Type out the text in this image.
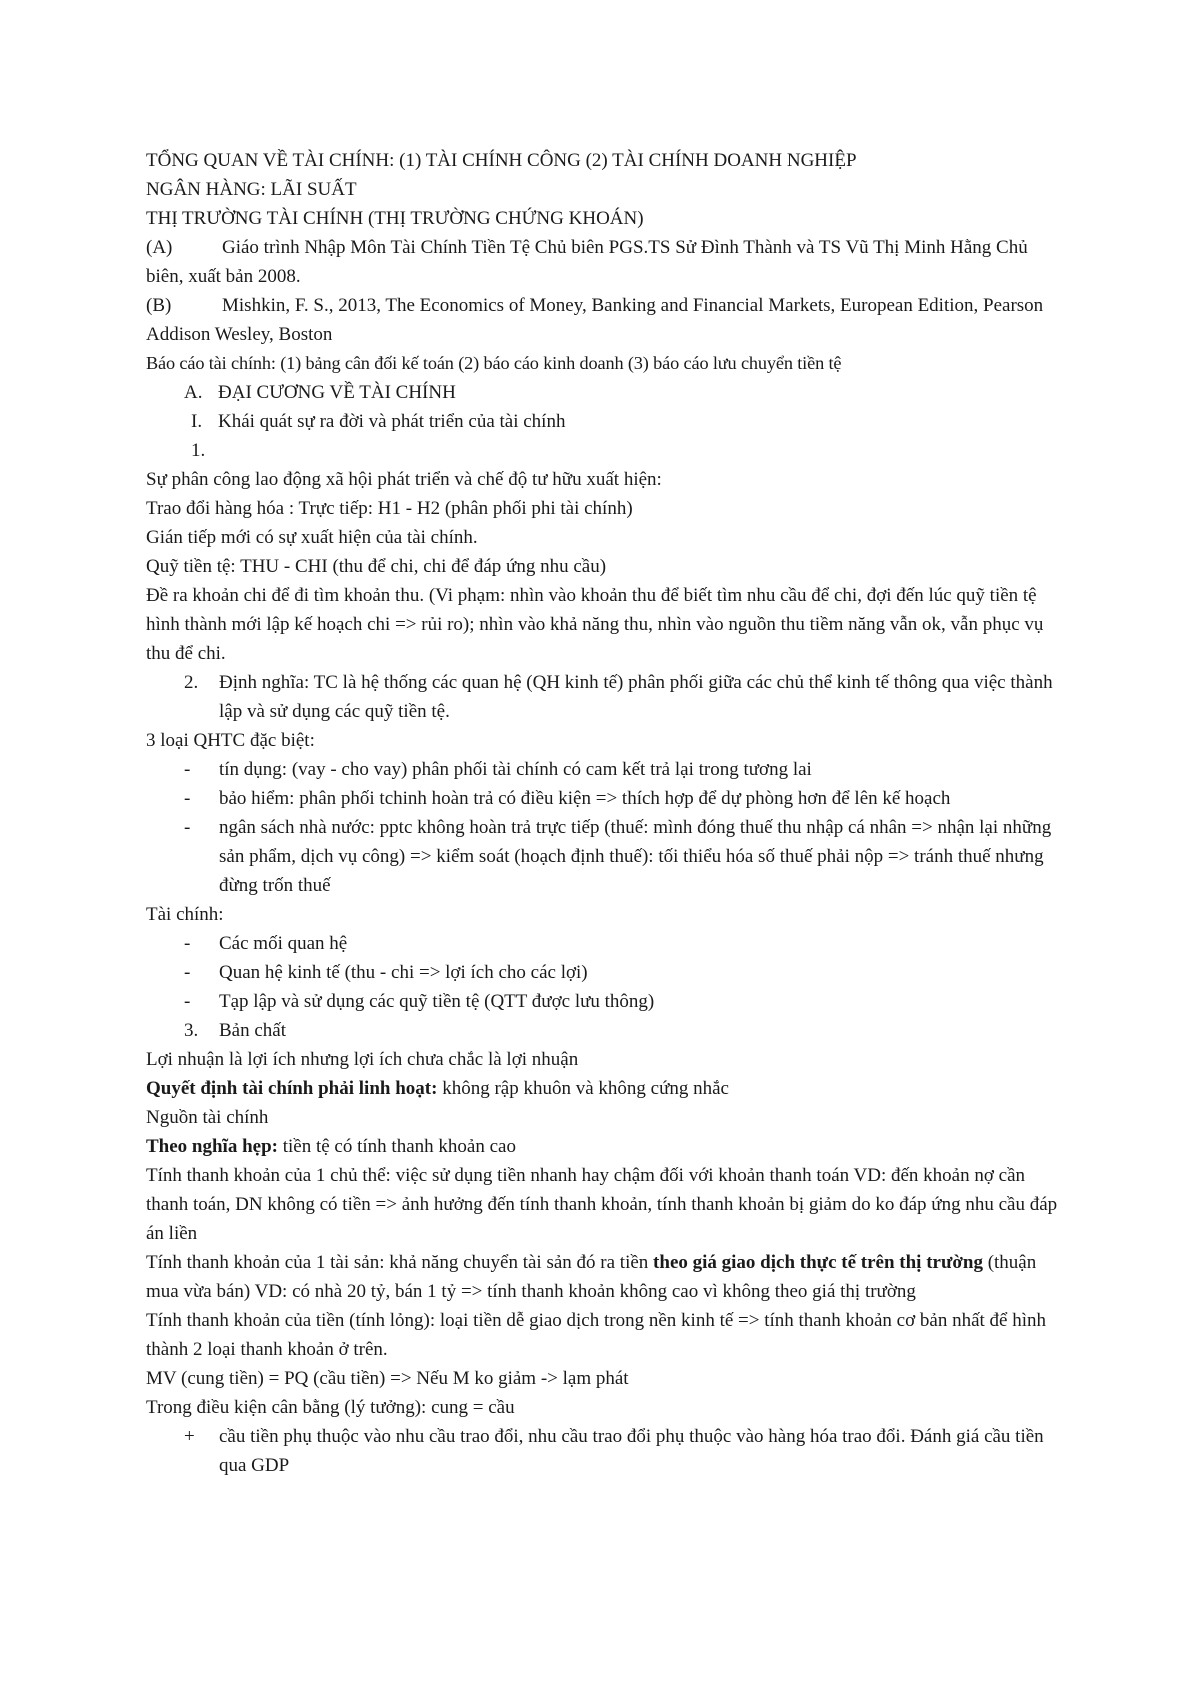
TỔNG QUAN VỀ TÀI CHÍNH: (1) TÀI CHÍNH CÔNG (2) TÀI CHÍNH DOANH NGHIỆP

NGÂN HÀNG: LÃI SUẤT

THỊ TRƯỜNG TÀI CHÍNH (THỊ TRƯỜNG CHỨNG KHOÁN)

(A)	Giáo trình Nhập Môn Tài Chính Tiền Tệ Chủ biên PGS.TS Sử Đình Thành và TS Vũ Thị Minh Hằng Chủ biên, xuất bản 2008.

(B)	Mishkin, F. S., 2013, The Economics of Money, Banking and Financial Markets, European Edition, Pearson Addison Wesley, Boston

Báo cáo tài chính: (1) bảng cân đối kế toán (2) báo cáo kinh doanh (3) báo cáo lưu chuyển tiền tệ

A. ĐẠI CƯƠNG VỀ TÀI CHÍNH

I. Khái quát sự ra đời và phát triển của tài chính

1.

Sự phân công lao động xã hội phát triển và chế độ tư hữu xuất hiện:

Trao đổi hàng hóa : Trực tiếp: H1 - H2 (phân phối phi tài chính)

Gián tiếp mới có sự xuất hiện của tài chính.

Quỹ tiền tệ: THU - CHI (thu để chi, chi để đáp ứng nhu cầu)

Đề ra khoản chi để đi tìm khoản thu. (Vi phạm: nhìn vào khoản thu để biết tìm nhu cầu để chi, đợi đến lúc quỹ tiền tệ hình thành mới lập kế hoạch chi => rủi ro); nhìn vào khả năng thu, nhìn vào nguồn thu tiềm năng vẫn ok, vẫn phục vụ thu để chi.

2. Định nghĩa: TC là hệ thống các quan hệ (QH kinh tế) phân phối giữa các chủ thể kinh tế thông qua việc thành lập và sử dụng các quỹ tiền tệ.

3 loại QHTC đặc biệt:

- tín dụng: (vay - cho vay) phân phối tài chính có cam kết trả lại trong tương lai
- bảo hiểm: phân phối tchinh hoàn trả có điều kiện => thích hợp để dự phòng hơn để lên kế hoạch
- ngân sách nhà nước: pptc không hoàn trả trực tiếp (thuế: mình đóng thuế thu nhập cá nhân => nhận lại những sản phẩm, dịch vụ công) => kiểm soát (hoạch định thuế): tối thiểu hóa số thuế phải nộp => tránh thuế nhưng đừng trốn thuế

Tài chính:

- Các mối quan hệ
- Quan hệ kinh tế (thu - chi => lợi ích cho các lợi)
- Tạp lập và sử dụng các quỹ tiền tệ (QTT được lưu thông)
3. Bản chất

Lợi nhuận là lợi ích nhưng lợi ích chưa chắc là lợi nhuận

Quyết định tài chính phải linh hoạt: không rập khuôn và không cứng nhắc

Nguồn tài chính

Theo nghĩa hẹp: tiền tệ có tính thanh khoản cao

Tính thanh khoản của 1 chủ thể: việc sử dụng tiền nhanh hay chậm đối với khoản thanh toán VD: đến khoản nợ cần thanh toán, DN không có tiền => ảnh hưởng đến tính thanh khoản, tính thanh khoản bị giảm do ko đáp ứng nhu cầu đáp án liền

Tính thanh khoản của 1 tài sản: khả năng chuyển tài sản đó ra tiền theo giá giao dịch thực tế trên thị trường (thuận mua vừa bán) VD: có nhà 20 tỷ, bán 1 tỷ => tính thanh khoản không cao vì không theo giá thị trường

Tính thanh khoản của tiền (tính lỏng): loại tiền dễ giao dịch trong nền kinh tế => tính thanh khoản cơ bản nhất để hình thành 2 loại thanh khoản ở trên.

MV (cung tiền) = PQ (cầu tiền) => Nếu M ko giảm -> lạm phát

Trong điều kiện cân bằng (lý tưởng): cung = cầu

+ cầu tiền phụ thuộc vào nhu cầu trao đổi, nhu cầu trao đổi phụ thuộc vào hàng hóa trao đổi. Đánh giá cầu tiền qua GDP
